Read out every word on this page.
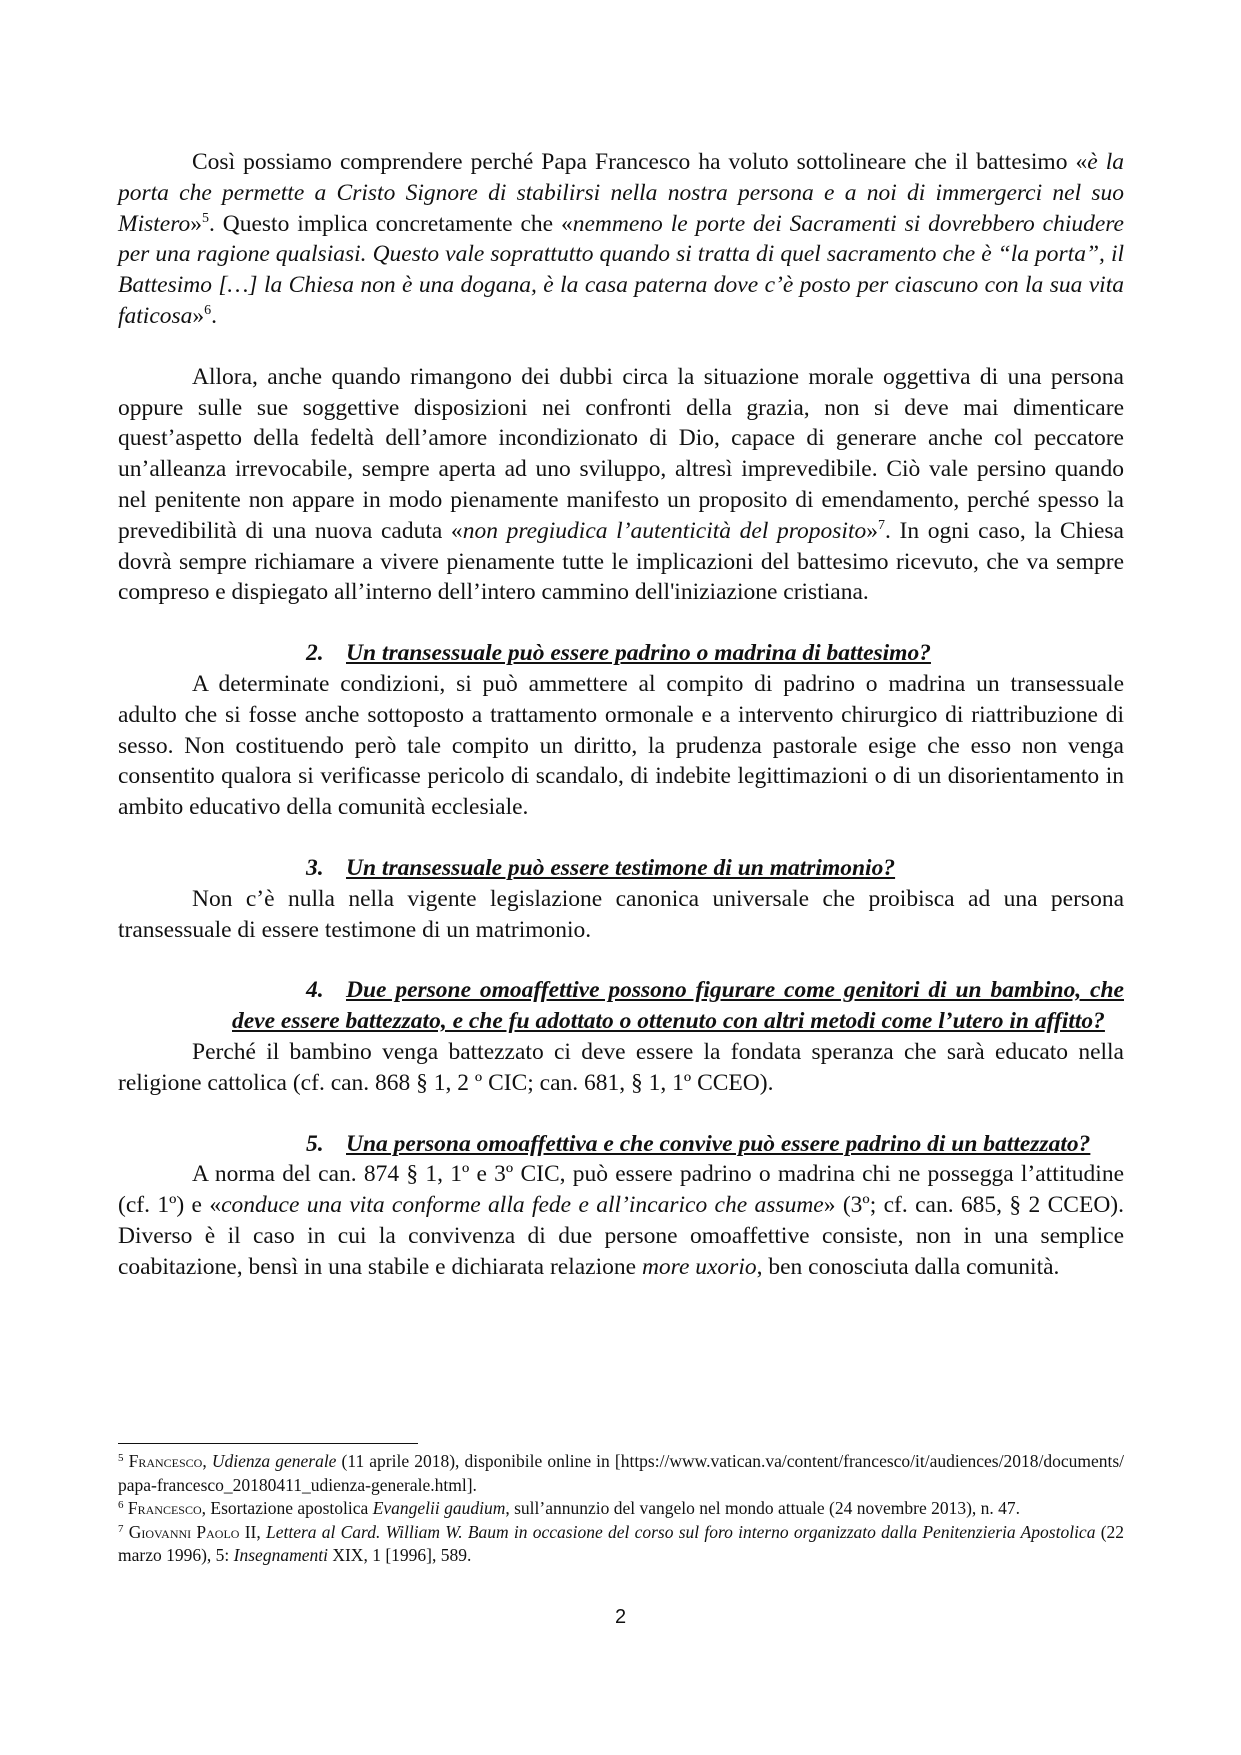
Così possiamo comprendere perché Papa Francesco ha voluto sottolineare che il battesimo «è la porta che permette a Cristo Signore di stabilirsi nella nostra persona e a noi di immergerci nel suo Mistero»$^5$. Questo implica concretamente che «nemmeno le porte dei Sacramenti si dovrebbero chiudere per una ragione qualsiasi. Questo vale soprattutto quando si tratta di quel sacramento che è “la porta”, il Battesimo […] la Chiesa non è una dogana, è la casa paterna dove c’è posto per ciascuno con la sua vita faticosa»$^6$.

Allora, anche quando rimangono dei dubbi circa la situazione morale oggettiva di una persona oppure sulle sue soggettive disposizioni nei confronti della grazia, non si deve mai dimenticare quest’aspetto della fedeltà dell’amore incondizionato di Dio, capace di generare anche col peccatore un’alleanza irrevocabile, sempre aperta ad uno sviluppo, altresì imprevedibile. Ciò vale persino quando nel penitente non appare in modo pienamente manifesto un proposito di emendamento, perché spesso la prevedibilità di una nuova caduta «non pregiudica l’autenticità del proposito»$^7$. In ogni caso, la Chiesa dovrà sempre richiamare a vivere pienamente tutte le implicazioni del battesimo ricevuto, che va sempre compreso e dispiegato all’interno dell’intero cammino dell'iniziazione cristiana.

2. Un transessuale può essere padrino o madrina di battesimo?

A determinate condizioni, si può ammettere al compito di padrino o madrina un transessuale adulto che si fosse anche sottoposto a trattamento ormonale e a intervento chirurgico di riattribuzione di sesso. Non costituendo però tale compito un diritto, la prudenza pastorale esige che esso non venga consentito qualora si verificasse pericolo di scandalo, di indebite legittimazioni o di un disorientamento in ambito educativo della comunità ecclesiale.

3. Un transessuale può essere testimone di un matrimonio?

Non c’è nulla nella vigente legislazione canonica universale che proibisca ad una persona transessuale di essere testimone di un matrimonio.

4. Due persone omoaffettive possono figurare come genitori di un bambino, che deve essere battezzato, e che fu adottato o ottenuto con altri metodi come l’utero in affitto?

Perché il bambino venga battezzato ci deve essere la fondata speranza che sarà educato nella religione cattolica (cf. can. 868 § 1, 2 º CIC; can. 681, § 1, 1º CCEO).

5. Una persona omoaffettiva e che convive può essere padrino di un battezzato?

A norma del can. 874 § 1, 1º e 3º CIC, può essere padrino o madrina chi ne possegga l’attitudine (cf. 1º) e «conduce una vita conforme alla fede e all’incarico che assume» (3º; cf. can. 685, § 2 CCEO). Diverso è il caso in cui la convivenza di due persone omoaffettive consiste, non in una semplice coabitazione, bensì in una stabile e dichiarata relazione more uxorio, ben conosciuta dalla comunità.

$^5$ Francesco, Udienza generale (11 aprile 2018), disponibile online in [https://www.vatican.va/content/francesco/it/audiences/2018/documents/papa-francesco_20180411_udienza-generale.html].

$^6$ Francesco, Esortazione apostolica Evangelii gaudium, sull’annunzio del vangelo nel mondo attuale (24 novembre 2013), n. 47.

$^7$ Giovanni Paolo II, Lettera al Card. William W. Baum in occasione del corso sul foro interno organizzato dalla Penitenzieria Apostolica (22 marzo 1996), 5: Insegnamenti XIX, 1 [1996], 589.

2
